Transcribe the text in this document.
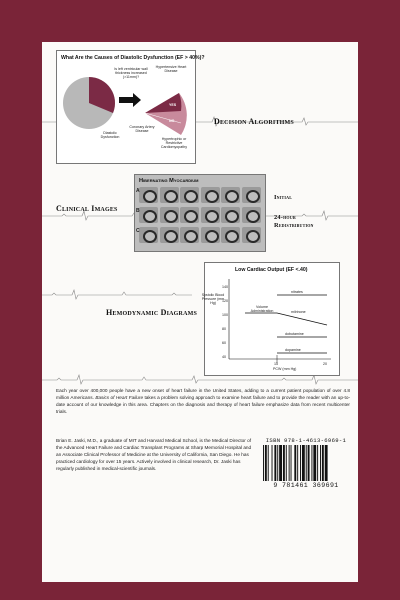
What Are the Causes of Diastolic Dysfunction (EF > 40%)?
Is left ventricular wall thickness increased (>11mm)?
Hypertensive Heart Disease
YES
NO
Coronary Artery Disease
Diastolic Dysfunction	Hypertrophic or Restrictive Cardiomyopathy
Decision Algorithms
Clinical Images
Hibernating Myocardium
A
B
C
Initial
24-hour Redistribution
Hemodynamic Diagrams
Low Cardiac Output (EF <.40)
Systolic Blood Pressure (mm Hg)
140
120
100
80
60
40
15	20
PCW (mm Hg)
nitrates
Volume Administration	milrinone
dobutamine
dopamine
Each year over 400,000 people have a new onset of heart failure in the United States, adding to a current patient population of over 4.8 million Americans. Basics of Heart Failure takes a problem solving approach to examine heart failure and to provide the reader with an up-to-date account of our knowledge in this area. Chapters on the diagnosis and therapy of heart failure emphasize data from recent multicenter trials.
Brian E. Jaski, M.D., a graduate of MIT and Harvard Medical School, is the Medical Director of the Advanced Heart Failure and Cardiac Transplant Programs at Sharp Memorial Hospital and an Associate Clinical Professor of Medicine at the University of California, San Diego. He has practiced cardiology for over 15 years. Actively involved in clinical research, Dr. Jaski has regularly published in medical-scientific journals.
ISBN 978-1-4613-6969-1
9 781461 369691
